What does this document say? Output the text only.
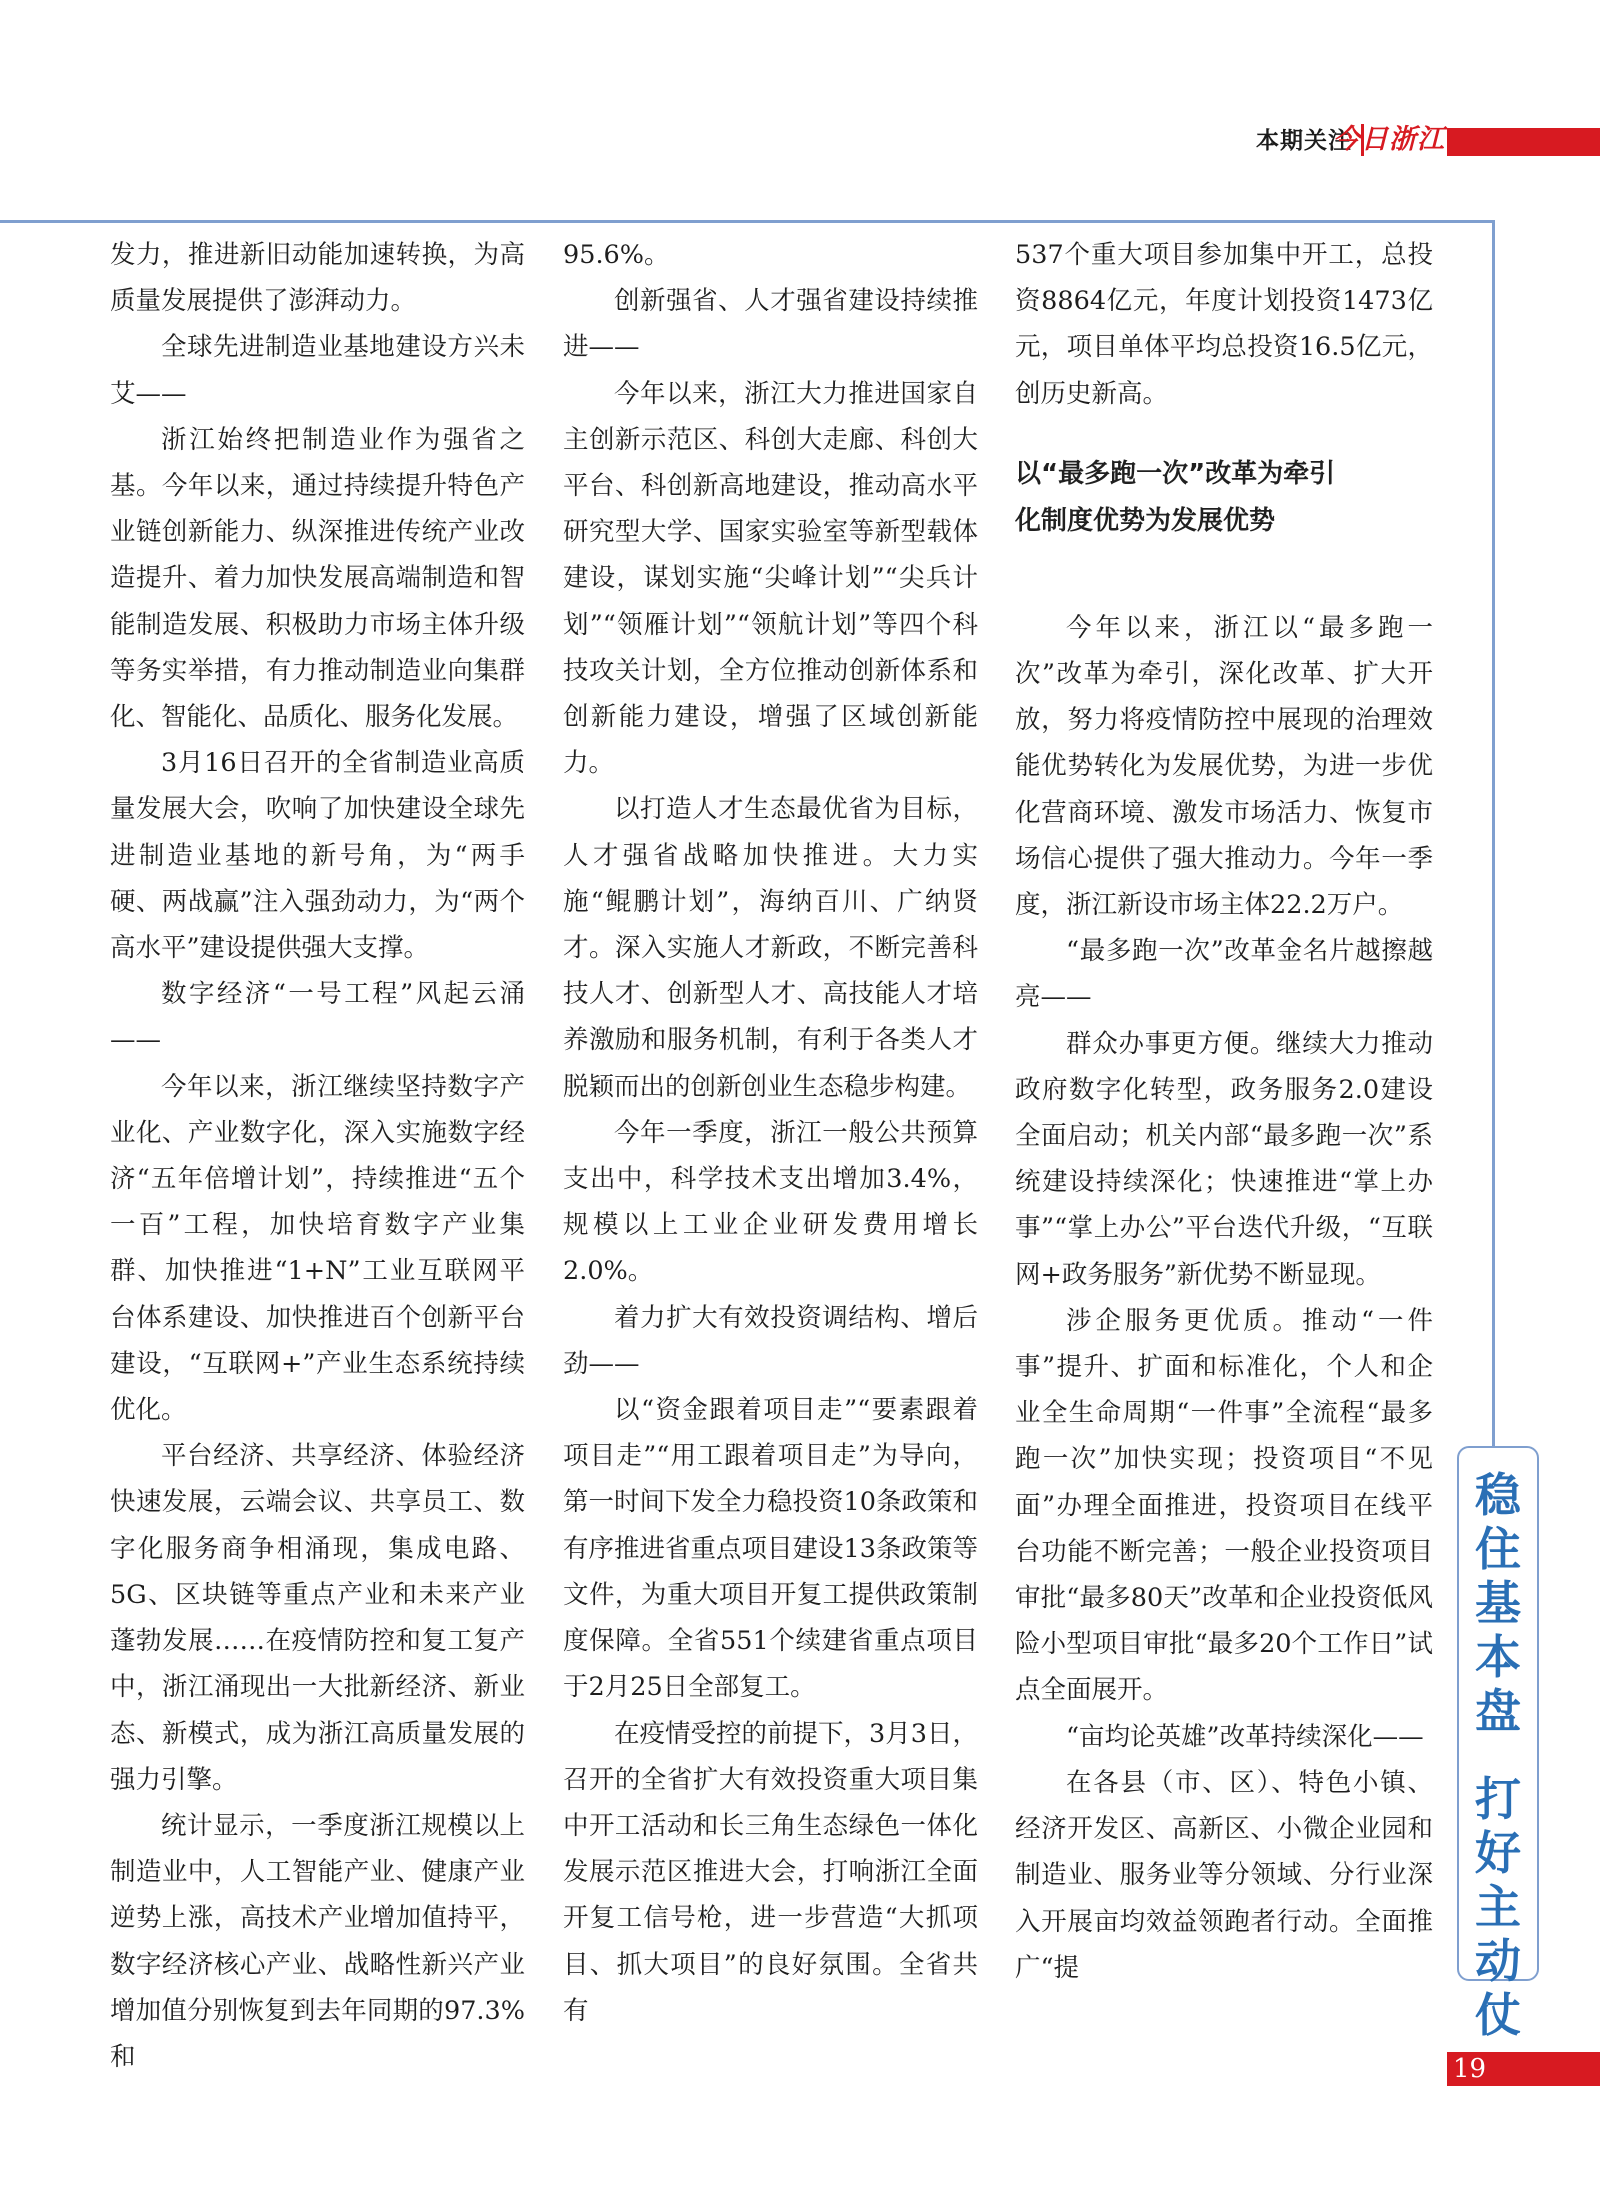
本期关注
今日浙江

发力，推进新旧动能加速转换，为高质量发展提供了澎湃动力。

全球先进制造业基地建设方兴未艾——

浙江始终把制造业作为强省之基。今年以来，通过持续提升特色产业链创新能力、纵深推进传统产业改造提升、着力加快发展高端制造和智能制造发展、积极助力市场主体升级等务实举措，有力推动制造业向集群化、智能化、品质化、服务化发展。

3月16日召开的全省制造业高质量发展大会，吹响了加快建设全球先进制造业基地的新号角，为“两手硬、两战赢”注入强劲动力，为“两个高水平”建设提供强大支撑。

数字经济“一号工程”风起云涌——

今年以来，浙江继续坚持数字产业化、产业数字化，深入实施数字经济“五年倍增计划”，持续推进“五个一百”工程，加快培育数字产业集群、加快推进“1+N”工业互联网平台体系建设、加快推进百个创新平台建设，“互联网+”产业生态系统持续优化。

平台经济、共享经济、体验经济快速发展，云端会议、共享员工、数字化服务商争相涌现，集成电路、5G、区块链等重点产业和未来产业蓬勃发展……在疫情防控和复工复产中，浙江涌现出一大批新经济、新业态、新模式，成为浙江高质量发展的强力引擎。

统计显示，一季度浙江规模以上制造业中，人工智能产业、健康产业逆势上涨，高技术产业增加值持平，数字经济核心产业、战略性新兴产业增加值分别恢复到去年同期的97.3%和

95.6%。

创新强省、人才强省建设持续推进——

今年以来，浙江大力推进国家自主创新示范区、科创大走廊、科创大平台、科创新高地建设，推动高水平研究型大学、国家实验室等新型载体建设，谋划实施“尖峰计划”“尖兵计划”“领雁计划”“领航计划”等四个科技攻关计划，全方位推动创新体系和创新能力建设，增强了区域创新能力。

以打造人才生态最优省为目标，人才强省战略加快推进。大力实施“鲲鹏计划”，海纳百川、广纳贤才。深入实施人才新政，不断完善科技人才、创新型人才、高技能人才培养激励和服务机制，有利于各类人才脱颖而出的创新创业生态稳步构建。

今年一季度，浙江一般公共预算支出中，科学技术支出增加3.4%，规模以上工业企业研发费用增长2.0%。

着力扩大有效投资调结构、增后劲——

以“资金跟着项目走”“要素跟着项目走”“用工跟着项目走”为导向，第一时间下发全力稳投资10条政策和有序推进省重点项目建设13条政策等文件，为重大项目开复工提供政策制度保障。全省551个续建省重点项目于2月25日全部复工。

在疫情受控的前提下，3月3日，召开的全省扩大有效投资重大项目集中开工活动和长三角生态绿色一体化发展示范区推进大会，打响浙江全面开复工信号枪，进一步营造“大抓项目、抓大项目”的良好氛围。全省共有

537个重大项目参加集中开工，总投资8864亿元，年度计划投资1473亿元，项目单体平均总投资16.5亿元，创历史新高。

以“最多跑一次”改革为牵引
化制度优势为发展优势

今年以来，浙江以“最多跑一次”改革为牵引，深化改革、扩大开放，努力将疫情防控中展现的治理效能优势转化为发展优势，为进一步优化营商环境、激发市场活力、恢复市场信心提供了强大推动力。今年一季度，浙江新设市场主体22.2万户。

“最多跑一次”改革金名片越擦越亮——

群众办事更方便。继续大力推动政府数字化转型，政务服务2.0建设全面启动；机关内部“最多跑一次”系统建设持续深化；快速推进“掌上办事”“掌上办公”平台迭代升级，“互联网+政务服务”新优势不断显现。

涉企服务更优质。推动“一件事”提升、扩面和标准化，个人和企业全生命周期“一件事”全流程“最多跑一次”加快实现；投资项目“不见面”办理全面推进，投资项目在线平台功能不断完善；一般企业投资项目审批“最多80天”改革和企业投资低风险小型项目审批“最多20个工作日”试点全面展开。

“亩均论英雄”改革持续深化——

在各县（市、区）、特色小镇、经济开发区、高新区、小微企业园和制造业、服务业等分领域、分行业深入开展亩均效益领跑者行动。全面推广“提

稳
住
基
本
盘
打
好
主
动
仗
19
